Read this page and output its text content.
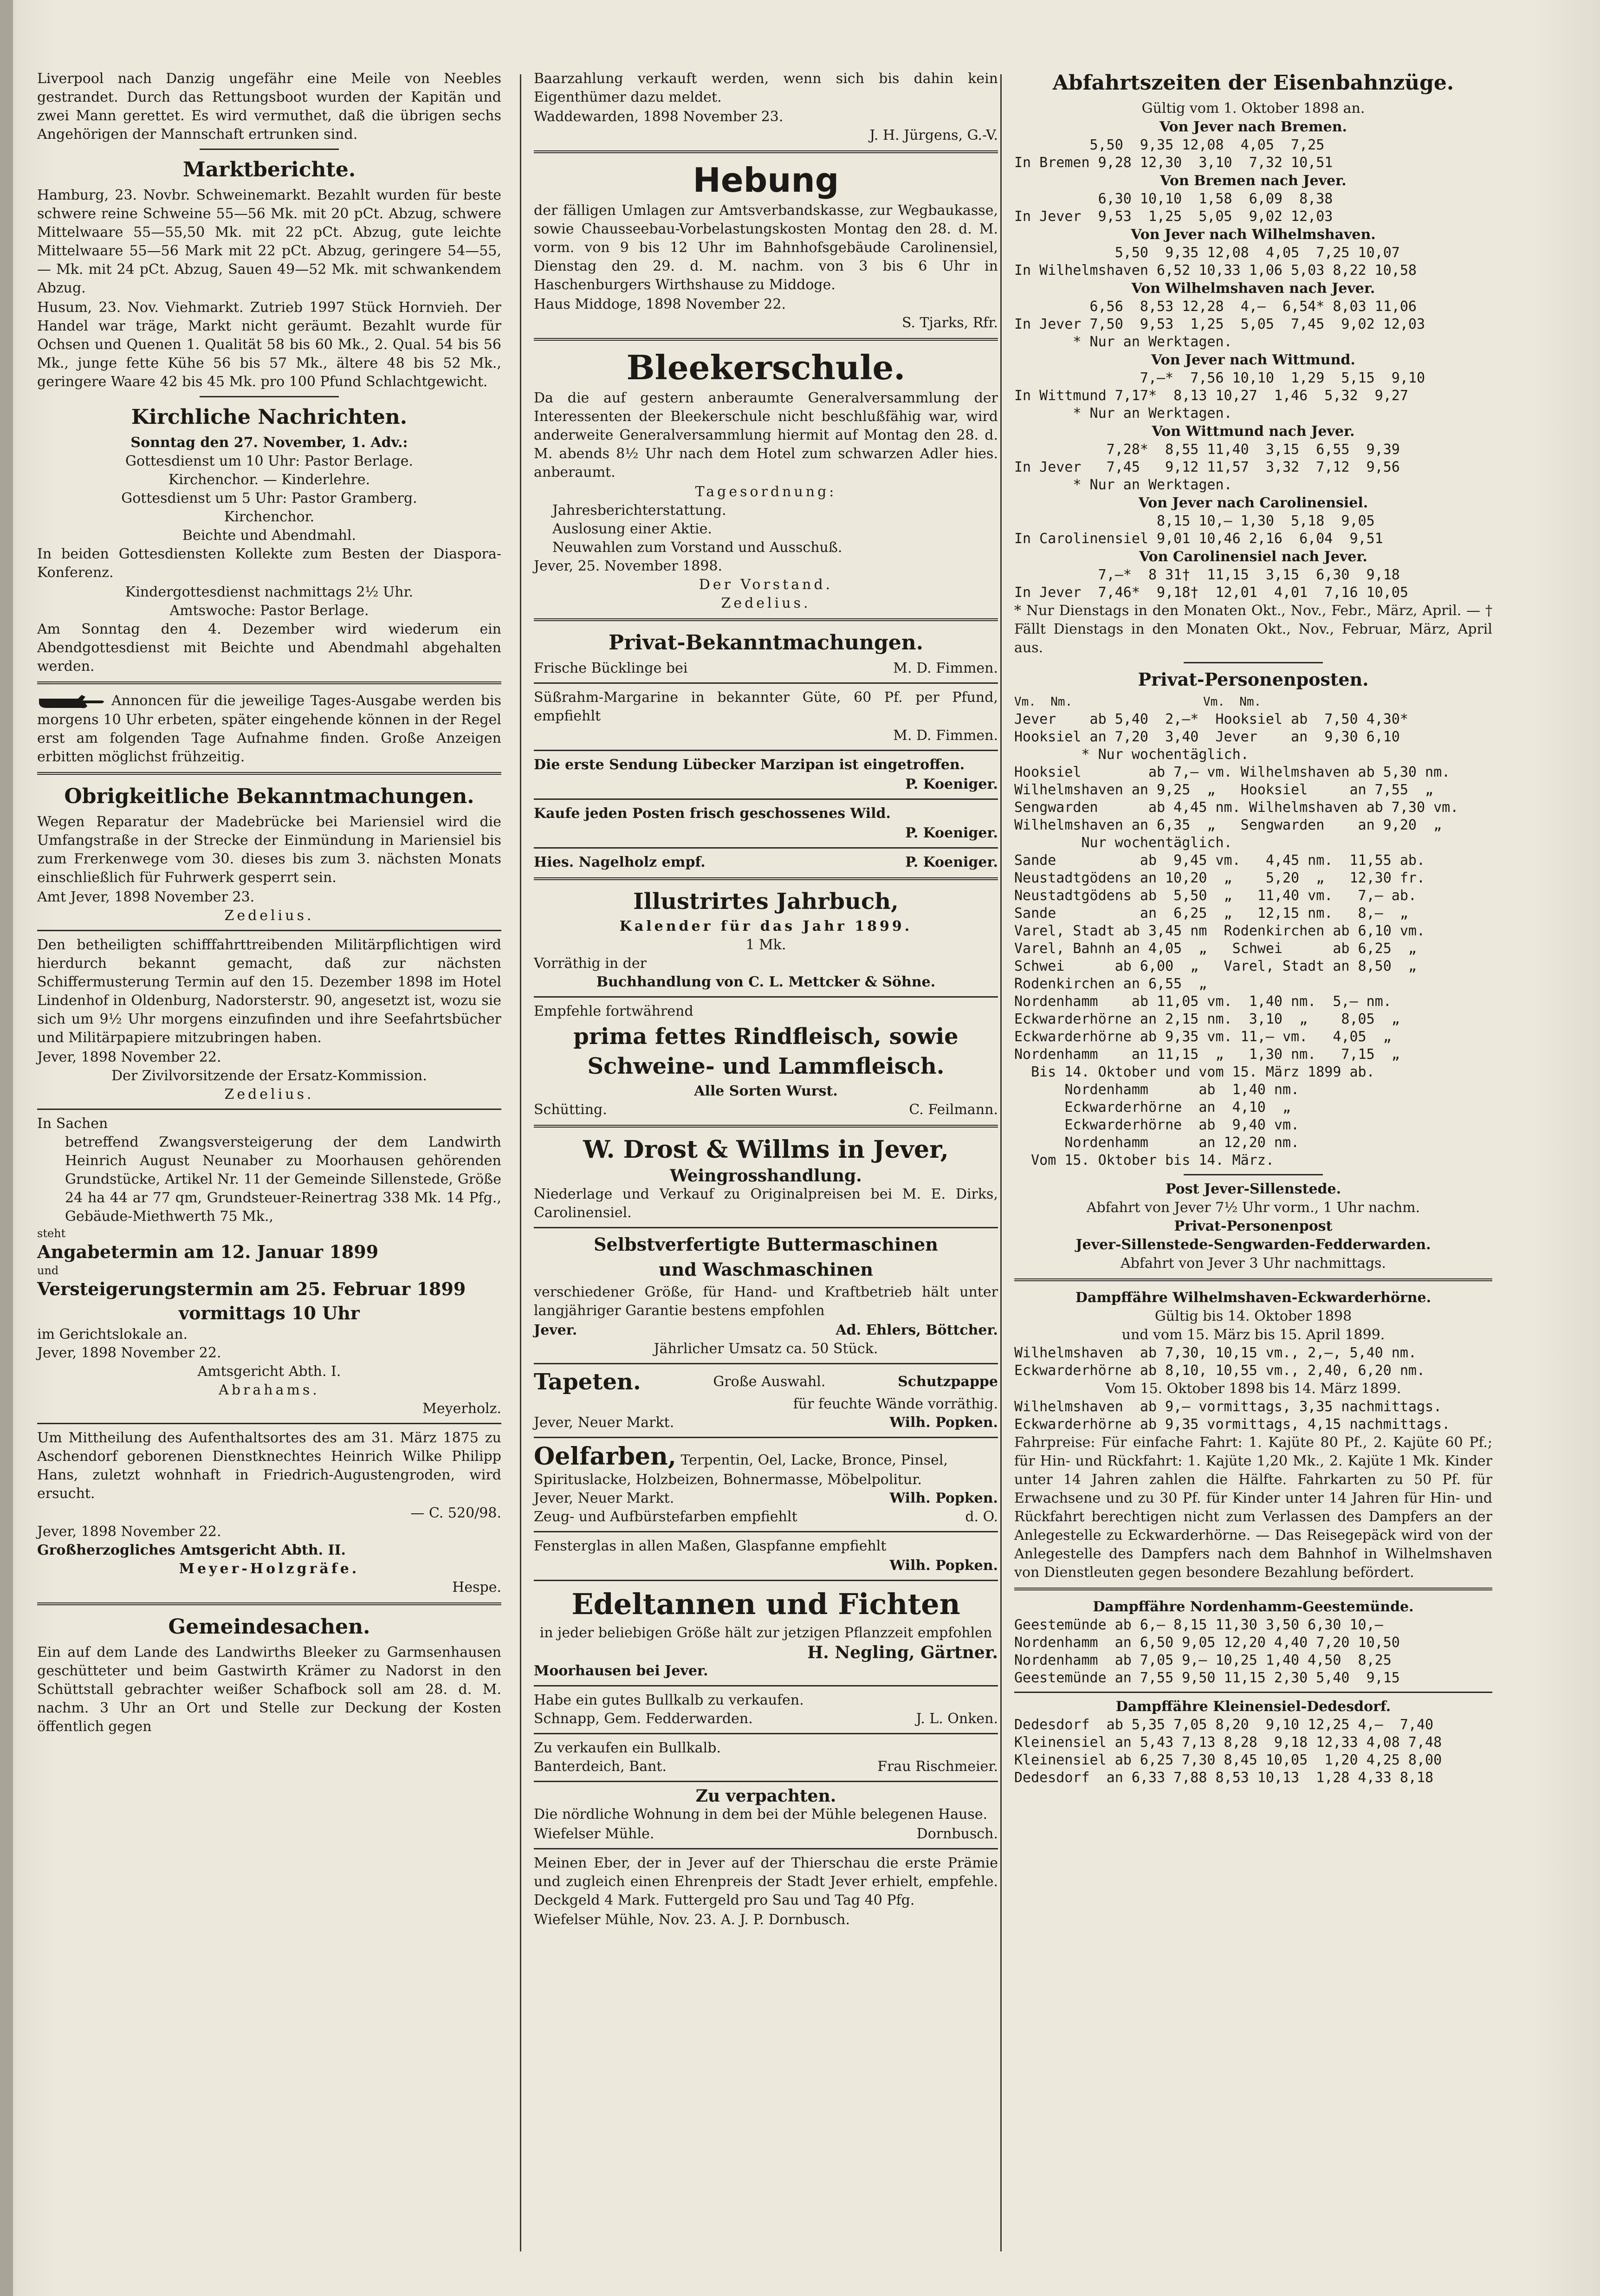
Liverpool nach Danzig ungefähr eine Meile von Neebles gestrandet. Durch das Rettungsboot wurden der Kapitän und zwei Mann gerettet. Es wird vermuthet, daß die übrigen sechs Angehörigen der Mannschaft ertrunken sind.

Marktberichte.

Hamburg, 23. Novbr. Schweinemarkt. Bezahlt wurden für beste schwere reine Schweine 55—56 Mk. mit 20 pCt. Abzug, schwere Mittelwaare 55—55,50 Mk. mit 22 pCt. Abzug, gute leichte Mittelwaare 55—56 Mark mit 22 pCt. Abzug, geringere 54—55,— Mk. mit 24 pCt. Abzug, Sauen 49—52 Mk. mit schwankendem Abzug.

Husum, 23. Nov. Viehmarkt. Zutrieb 1997 Stück Hornvieh. Der Handel war träge, Markt nicht geräumt. Bezahlt wurde für Ochsen und Quenen 1. Qualität 58 bis 60 Mk., 2. Qual. 54 bis 56 Mk., junge fette Kühe 56 bis 57 Mk., ältere 48 bis 52 Mk., geringere Waare 42 bis 45 Mk. pro 100 Pfund Schlachtgewicht.

Kirchliche Nachrichten.
Sonntag den 27. November, 1. Adv.:
Gottesdienst um 10 Uhr: Pastor Berlage.
Kirchenchor. — Kinderlehre.
Gottesdienst um 5 Uhr: Pastor Gramberg.
Kirchenchor.
Beichte und Abendmahl.

In beiden Gottesdiensten Kollekte zum Besten der Diaspora-Konferenz.

Kindergottesdienst nachmittags 2½ Uhr.
Amtswoche: Pastor Berlage.

Am Sonntag den 4. Dezember wird wiederum ein Abendgottesdienst mit Beichte und Abendmahl abgehalten werden.

Annoncen für die jeweilige Tages-Ausgabe werden bis morgens 10 Uhr erbeten, später eingehende können in der Regel erst am folgenden Tage Aufnahme finden. Große Anzeigen erbitten möglichst frühzeitig.

Obrigkeitliche Bekanntmachungen.

Wegen Reparatur der Madebrücke bei Mariensiel wird die Umfangstraße in der Strecke der Einmündung in Mariensiel bis zum Frerkenwege vom 30. dieses bis zum 3. nächsten Monats einschließlich für Fuhrwerk gesperrt sein.

Amt Jever, 1898 November 23.
Zedelius.

Den betheiligten schifffahrttreibenden Militärpflichtigen wird hierdurch bekannt gemacht, daß zur nächsten Schiffermusterung Termin auf den 15. Dezember 1898 im Hotel Lindenhof in Oldenburg, Nadorsterstr. 90, angesetzt ist, wozu sie sich um 9½ Uhr morgens einzufinden und ihre Seefahrtsbücher und Militärpapiere mitzubringen haben.

Jever, 1898 November 22.
Der Zivilvorsitzende der Ersatz-Kommission.
Zedelius.
In Sachen

betreffend Zwangsversteigerung der dem Landwirth Heinrich August Neunaber zu Moorhausen gehörenden Grundstücke, Artikel Nr. 11 der Gemeinde Sillenstede, Größe 24 ha 44 ar 77 qm, Grundsteuer-Reinertrag 338 Mk. 14 Pfg., Gebäude-Miethwerth 75 Mk.,

steht
Angabetermin am 12. Januar 1899
und
Versteigerungstermin am 25. Februar 1899
vormittags 10 Uhr
im Gerichtslokale an.
Jever, 1898 November 22.
Amtsgericht Abth. I.
Abrahams.
Meyerholz.

Um Mittheilung des Aufenthaltsortes des am 31. März 1875 zu Aschendorf geborenen Dienstknechtes Heinrich Wilke Philipp Hans, zuletzt wohnhaft in Friedrich-Augustengroden, wird ersucht.

— C. 520/98.
Jever, 1898 November 22.
Großherzogliches Amtsgericht Abth. II.
Meyer-Holzgräfe.
Hespe.
Gemeindesachen.

Ein auf dem Lande des Landwirths Bleeker zu Garmsenhausen geschütteter und beim Gastwirth Krämer zu Nadorst in den Schüttstall gebrachter weißer Schafbock soll am 28. d. M. nachm. 3 Uhr an Ort und Stelle zur Deckung der Kosten öffentlich gegen

Baarzahlung verkauft werden, wenn sich bis dahin kein Eigenthümer dazu meldet.

Waddewarden, 1898 November 23.
J. H. Jürgens, G.-V.
Hebung

der fälligen Umlagen zur Amtsverbandskasse, zur Wegbaukasse, sowie Chausseebau-Vorbelastungskosten Montag den 28. d. M. vorm. von 9 bis 12 Uhr im Bahnhofsgebäude Carolinensiel, Dienstag den 29. d. M. nachm. von 3 bis 6 Uhr in Haschenburgers Wirthshause zu Middoge.

Haus Middoge, 1898 November 22.
S. Tjarks, Rfr.
Bleekerschule.

Da die auf gestern anberaumte Generalversammlung der Interessenten der Bleekerschule nicht beschlußfähig war, wird anderweite Generalversammlung hiermit auf Montag den 28. d. M. abends 8½ Uhr nach dem Hotel zum schwarzen Adler hies. anberaumt.

Tagesordnung:
Jahresberichterstattung.
Auslosung einer Aktie.
Neuwahlen zum Vorstand und Ausschuß.
Jever, 25. November 1898.
Der Vorstand.
Zedelius.
Privat-Bekanntmachungen.
Frische Bücklinge bei	M. D. Fimmen.

Süßrahm-Margarine in bekannter Güte, 60 Pf. per Pfund, empfiehlt

M. D. Fimmen.

Die erste Sendung Lübecker Marzipan ist eingetroffen.

P. Koeniger.

Kaufe jeden Posten frisch geschossenes Wild.

P. Koeniger.
Hies. Nagelholz empf.	P. Koeniger.
Illustrirtes Jahrbuch,
Kalender für das Jahr 1899.
1 Mk.
Vorräthig in der
Buchhandlung von C. L. Mettcker & Söhne.
Empfehle fortwährend
prima fettes Rindfleisch, sowie
Schweine- und Lammfleisch.
Alle Sorten Wurst.
Schütting.	C. Feilmann.
W. Drost & Willms in Jever,
Weingrosshandlung.

Niederlage und Verkauf zu Originalpreisen bei M. E. Dirks, Carolinensiel.

Selbstverfertigte Buttermaschinen
und Waschmaschinen

verschiedener Größe, für Hand- und Kraftbetrieb hält unter langjähriger Garantie bestens empfohlen

Jever.	Ad. Ehlers, Böttcher.
Jährlicher Umsatz ca. 50 Stück.
Tapeten.	Große Auswahl.	Schutzpappe
für feuchte Wände vorräthig.
Jever, Neuer Markt.	Wilh. Popken.
Oelfarben, Terpentin, Oel, Lacke, Bronce, Pinsel, Spirituslacke, Holzbeizen, Bohnermasse, Möbelpolitur.
Jever, Neuer Markt.	Wilh. Popken.
Zeug- und Aufbürstefarben empfiehlt	d. O.

Fensterglas in allen Maßen, Glaspfanne empfiehlt

Wilh. Popken.
Edeltannen und Fichten

in jeder beliebigen Größe hält zur jetzigen Pflanzzeit empfohlen

H. Negling, Gärtner.
Moorhausen bei Jever.
Habe ein gutes Bullkalb zu verkaufen.
Schnapp, Gem. Fedderwarden.	J. L. Onken.
Zu verkaufen ein Bullkalb.
Banterdeich, Bant.	Frau Rischmeier.
Zu verpachten.

Die nördliche Wohnung in dem bei der Mühle belegenen Hause.

Wiefelser Mühle.	Dornbusch.

Meinen Eber, der in Jever auf der Thierschau die erste Prämie und zugleich einen Ehrenpreis der Stadt Jever erhielt, empfehle. Deckgeld 4 Mark. Futtergeld pro Sau und Tag 40 Pfg.

Wiefelser Mühle, Nov. 23. A. J. P. Dornbusch.
Abfahrtszeiten der Eisenbahnzüge.
Gültig vom 1. Oktober 1898 an.
Von Jever nach Bremen.
5,50  9,35 12,08  4,05  7,25
In Bremen 9,28 12,30  3,10  7,32 10,51
Von Bremen nach Jever.
6,30 10,10  1,58  6,09  8,38
In Jever  9,53  1,25  5,05  9,02 12,03
Von Jever nach Wilhelmshaven.
5,50  9,35 12,08  4,05  7,25 10,07
In Wilhelmshaven 6,52 10,33 1,06 5,03 8,22 10,58
Von Wilhelmshaven nach Jever.
6,56  8,53 12,28  4,—  6,54* 8,03 11,06
In Jever 7,50  9,53  1,25  5,05  7,45  9,02 12,03
* Nur an Werktagen.
Von Jever nach Wittmund.
7,—*  7,56 10,10  1,29  5,15  9,10
In Wittmund 7,17*  8,13 10,27  1,46  5,32  9,27
* Nur an Werktagen.
Von Wittmund nach Jever.
7,28*  8,55 11,40  3,15  6,55  9,39
In Jever   7,45   9,12 11,57  3,32  7,12  9,56
* Nur an Werktagen.
Von Jever nach Carolinensiel.
8,15 10,— 1,30  5,18  9,05
In Carolinensiel 9,01 10,46 2,16  6,04  9,51
Von Carolinensiel nach Jever.
7,—*  8 31†  11,15  3,15  6,30  9,18
In Jever  7,46*  9,18†  12,01  4,01  7,16 10,05

* Nur Dienstags in den Monaten Okt., Nov., Febr., März, April. — † Fällt Dienstags in den Monaten Okt., Nov., Februar, März, April aus.

Privat-Personenposten.
Vm.  Nm.                  Vm.  Nm.
Jever    ab 5,40  2,—*  Hooksiel ab  7,50 4,30*
Hooksiel an 7,20  3,40  Jever    an  9,30 6,10
* Nur wochentäglich.
Hooksiel        ab 7,— vm. Wilhelmshaven ab 5,30 nm.
Wilhelmshaven an 9,25  „   Hooksiel     an 7,55  „
Sengwarden      ab 4,45 nm. Wilhelmshaven ab 7,30 vm.
Wilhelmshaven an 6,35  „   Sengwarden    an 9,20  „
Nur wochentäglich.
Sande          ab  9,45 vm.   4,45 nm.  11,55 ab.
Neustadtgödens an 10,20  „    5,20  „   12,30 fr.
Neustadtgödens ab  5,50  „   11,40 vm.   7,— ab.
Sande          an  6,25  „   12,15 nm.   8,—  „
Varel, Stadt ab 3,45 nm  Rodenkirchen ab 6,10 vm.
Varel, Bahnh an 4,05  „   Schwei      ab 6,25  „
Schwei      ab 6,00  „   Varel, Stadt an 8,50  „
Rodenkirchen an 6,55  „
Nordenhamm    ab 11,05 vm.  1,40 nm.  5,— nm.
Eckwarderhörne an 2,15 nm.  3,10  „    8,05  „
Eckwarderhörne ab 9,35 vm. 11,— vm.   4,05  „
Nordenhamm    an 11,15  „   1,30 nm.   7,15  „
Bis 14. Oktober und vom 15. März 1899 ab.
Nordenhamm      ab  1,40 nm.
Eckwarderhörne  an  4,10  „
Eckwarderhörne  ab  9,40 vm.
Nordenhamm      an 12,20 nm.
Vom 15. Oktober bis 14. März.
Post Jever-Sillenstede.
Abfahrt von Jever 7½ Uhr vorm., 1 Uhr nachm.
Privat-Personenpost
Jever-Sillenstede-Sengwarden-Fedderwarden.
Abfahrt von Jever 3 Uhr nachmittags.
Dampffähre Wilhelmshaven-Eckwarderhörne.
Gültig bis 14. Oktober 1898
und vom 15. März bis 15. April 1899.
Wilhelmshaven  ab 7,30, 10,15 vm., 2,—, 5,40 nm.
Eckwarderhörne ab 8,10, 10,55 vm., 2,40, 6,20 nm.
Vom 15. Oktober 1898 bis 14. März 1899.
Wilhelmshaven  ab 9,— vormittags, 3,35 nachmittags.
Eckwarderhörne ab 9,35 vormittags, 4,15 nachmittags.

Fahrpreise: Für einfache Fahrt: 1. Kajüte 80 Pf., 2. Kajüte 60 Pf.; für Hin- und Rückfahrt: 1. Kajüte 1,20 Mk., 2. Kajüte 1 Mk. Kinder unter 14 Jahren zahlen die Hälfte. Fahrkarten zu 50 Pf. für Erwachsene und zu 30 Pf. für Kinder unter 14 Jahren für Hin- und Rückfahrt berechtigen nicht zum Verlassen des Dampfers an der Anlegestelle zu Eckwarderhörne. — Das Reisegepäck wird von der Anlegestelle des Dampfers nach dem Bahnhof in Wilhelmshaven von Dienstleuten gegen besondere Bezahlung befördert.

Dampffähre Nordenhamm-Geestemünde.
Geestemünde ab 6,— 8,15 11,30 3,50 6,30 10,—
Nordenhamm  an 6,50 9,05 12,20 4,40 7,20 10,50
Nordenhamm  ab 7,05 9,— 10,25 1,40 4,50  8,25
Geestemünde an 7,55 9,50 11,15 2,30 5,40  9,15
Dampffähre Kleinensiel-Dedesdorf.
Dedesdorf  ab 5,35 7,05 8,20  9,10 12,25 4,—  7,40
Kleinensiel an 5,43 7,13 8,28  9,18 12,33 4,08 7,48
Kleinensiel ab 6,25 7,30 8,45 10,05  1,20 4,25 8,00
Dedesdorf  an 6,33 7,88 8,53 10,13  1,28 4,33 8,18
